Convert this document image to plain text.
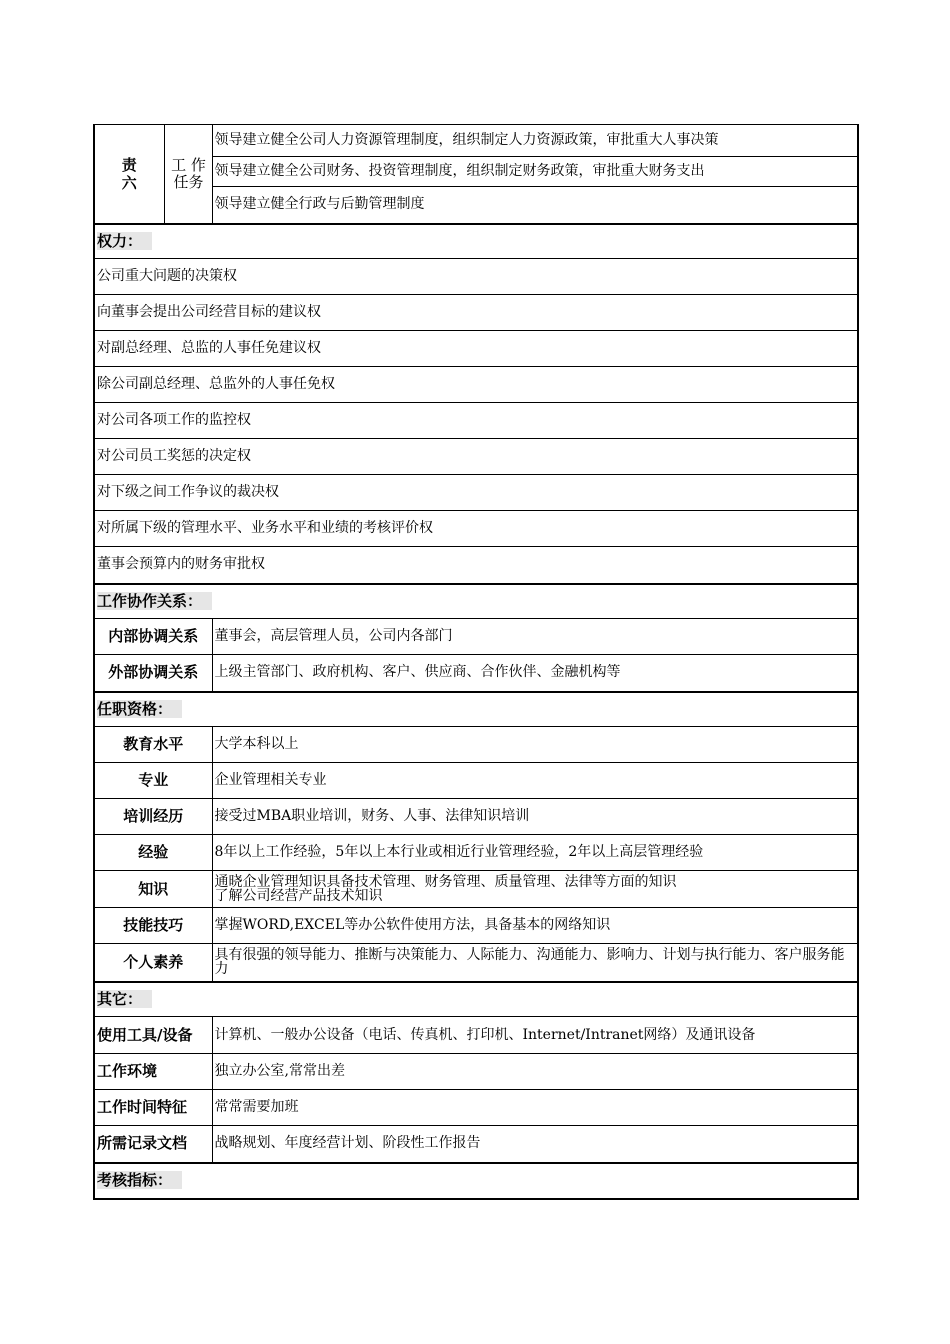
责 六	工 作 任务	领导建立健全公司人力资源管理制度，组织制定人力资源政策，审批重大人事决策
		领导建立健全公司财务、投资管理制度，组织制定财务政策，审批重大财务支出
		领导建立健全行政与后勤管理制度
权力：		
公司重大问题的决策权		
向董事会提出公司经营目标的建议权		
对副总经理、总监的人事任免建议权		
除公司副总经理、总监外的人事任免权		
对公司各项工作的监控权		
对公司员工奖惩的决定权		
对下级之间工作争议的裁决权		
对所属下级的管理水平、业务水平和业绩的考核评价权		
董事会预算内的财务审批权		
工作协作关系：		
内部协调关系		董事会，高层管理人员，公司内各部门
外部协调关系		上级主管部门、政府机构、客户、供应商、合作伙伴、金融机构等
任职资格：		
教育水平		大学本科以上
专业		企业管理相关专业
培训经历		接受过MBA职业培训，财务、人事、法律知识培训
经验		8年以上工作经验，5年以上本行业或相近行业管理经验，2年以上高层管理经验
知识		通晓企业管理知识具备技术管理、财务管理、质量管理、法律等方面的知识
了解公司经营产品技术知识

技能技巧		掌握WORD,EXCEL等办公软件使用方法，具备基本的网络知识
个人素养		具有很强的领导能力、推断与决策能力、人际能力、沟通能力、影响力、计划与执行能力、客户服务能力
其它：		
使用工具/设备		计算机、一般办公设备（电话、传真机、打印机、Internet/Intranet网络）及通讯设备
工作环境		独立办公室,常常出差
工作时间特征		常常需要加班
所需记录文档		战略规划、年度经营计划、阶段性工作报告
考核指标：		
